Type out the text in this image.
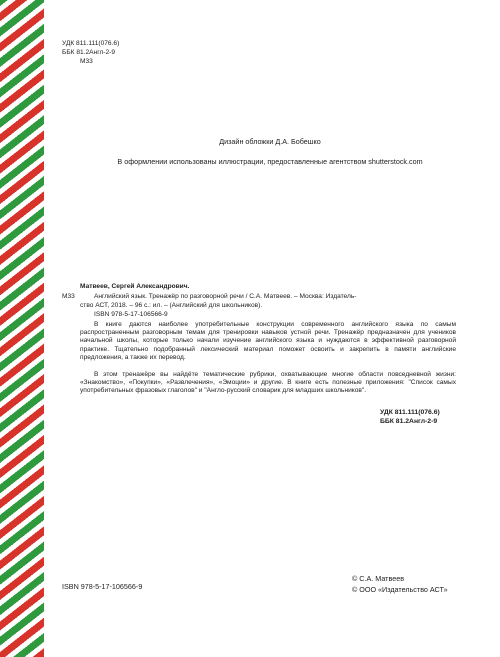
УДК 811.111(076.6)
ББК 81.2Англ-2-9
М33
Дизайн обложки Д.А. Бобешко
В оформлении использованы иллюстрации, предоставленные агентством shutterstock.com
Матвеев, Сергей Александрович.
М33	Английский язык. Тренажёр по разговорной речи / С.А. Матвеев. – Москва: Издатель-
ство АСТ, 2018. – 96 с.: ил. – (Английский для школьников).
ISBN 978-5-17-106566-9
В книге даются наиболее употребительные конструкции современного английского языка по самым распространенным разговорным темам для тренировки навыков устной речи. Тренажёр предназначен для учеников начальной школы, которые только начали изучение английского языка и нуждаются в эффективной разговорной практике. Тщательно подобранный лексический материал поможет освоить и закрепить в памяти английские предложения, а также их перевод.
В этом тренажёре вы найдёте тематические рубрики, охватывающие многие области повседневной жизни: «Знакомство», «Покупки», «Развлечения», «Эмоции» и другие. В книге есть полезные приложения: "Список самых употребительных фразовых глаголов" и "Англо-русский словарик для младших школьников".
УДК 811.111(076.6)
ББК 81.2Англ-2-9
ISBN 978-5-17-106566-9
© С.А. Матвеев
© ООО «Издательство АСТ»
